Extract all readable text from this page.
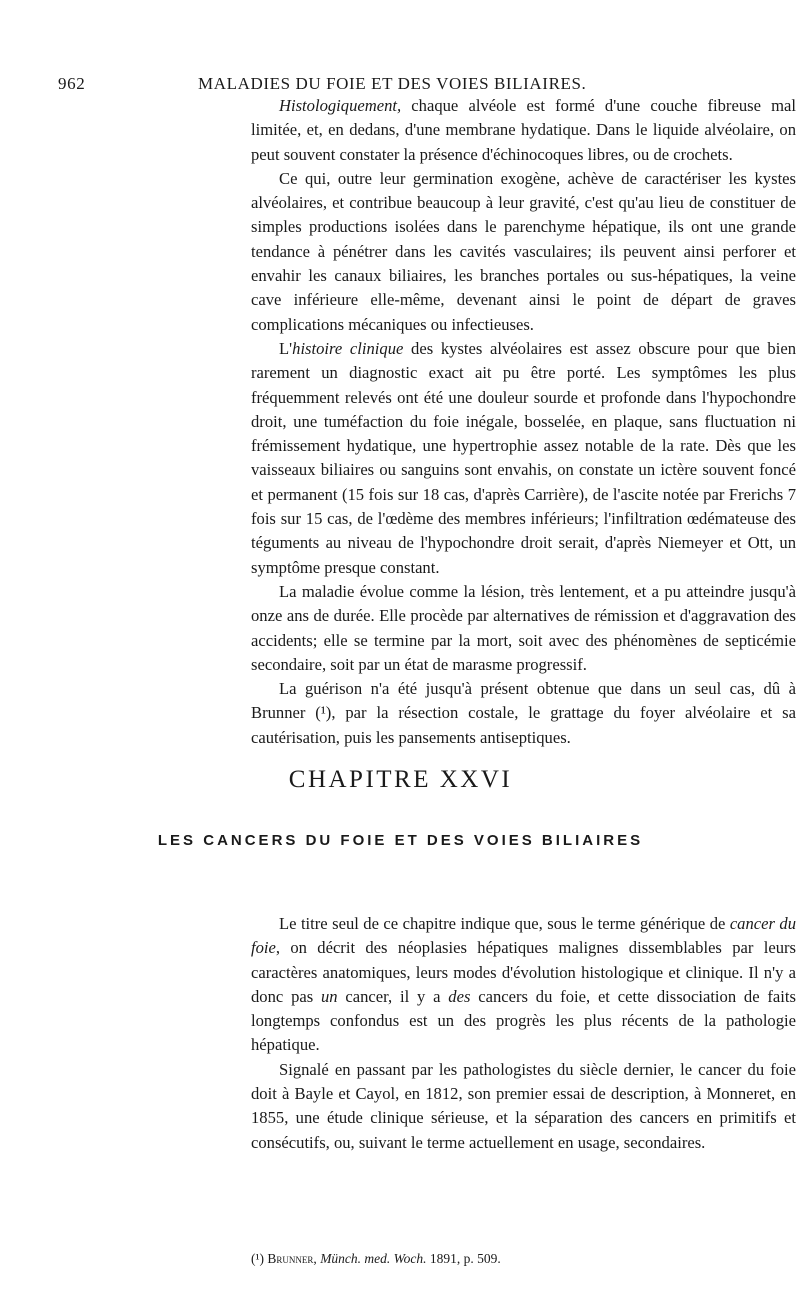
962	MALADIES DU FOIE ET DES VOIES BILIAIRES.

Histologiquement, chaque alvéole est formé d'une couche fibreuse mal limitée, et, en dedans, d'une membrane hydatique. Dans le liquide alvéolaire, on peut souvent constater la présence d'échinocoques libres, ou de crochets.

Ce qui, outre leur germination exogène, achève de caractériser les kystes alvéolaires, et contribue beaucoup à leur gravité, c'est qu'au lieu de constituer de simples productions isolées dans le parenchyme hépatique, ils ont une grande tendance à pénétrer dans les cavités vasculaires; ils peuvent ainsi perforer et envahir les canaux biliaires, les branches portales ou sus-hépatiques, la veine cave inférieure elle-même, devenant ainsi le point de départ de graves complications mécaniques ou infectieuses.

L'histoire clinique des kystes alvéolaires est assez obscure pour que bien rarement un diagnostic exact ait pu être porté. Les symptômes les plus fréquemment relevés ont été une douleur sourde et profonde dans l'hypochondre droit, une tuméfaction du foie inégale, bosselée, en plaque, sans fluctuation ni frémissement hydatique, une hypertrophie assez notable de la rate. Dès que les vaisseaux biliaires ou sanguins sont envahis, on constate un ictère souvent foncé et permanent (15 fois sur 18 cas, d'après Carrière), de l'ascite notée par Frerichs 7 fois sur 15 cas, de l'œdème des membres inférieurs; l'infiltration œdémateuse des téguments au niveau de l'hypochondre droit serait, d'après Niemeyer et Ott, un symptôme presque constant.

La maladie évolue comme la lésion, très lentement, et a pu atteindre jusqu'à onze ans de durée. Elle procède par alternatives de rémission et d'aggravation des accidents; elle se termine par la mort, soit avec des phénomènes de septicémie secondaire, soit par un état de marasme progressif.

La guérison n'a été jusqu'à présent obtenue que dans un seul cas, dû à Brunner (¹), par la résection costale, le grattage du foyer alvéolaire et sa cautérisation, puis les pansements antiseptiques.

CHAPITRE XXVI
LES CANCERS DU FOIE ET DES VOIES BILIAIRES

Le titre seul de ce chapitre indique que, sous le terme générique de cancer du foie, on décrit des néoplasies hépatiques malignes dissemblables par leurs caractères anatomiques, leurs modes d'évolution histologique et clinique. Il n'y a donc pas un cancer, il y a des cancers du foie, et cette dissociation de faits longtemps confondus est un des progrès les plus récents de la pathologie hépatique.

Signalé en passant par les pathologistes du siècle dernier, le cancer du foie doit à Bayle et Cayol, en 1812, son premier essai de description, à Monneret, en 1855, une étude clinique sérieuse, et la séparation des cancers en primitifs et consécutifs, ou, suivant le terme actuellement en usage, secondaires.

(¹) Brunner, Münch. med. Woch. 1891, p. 509.
